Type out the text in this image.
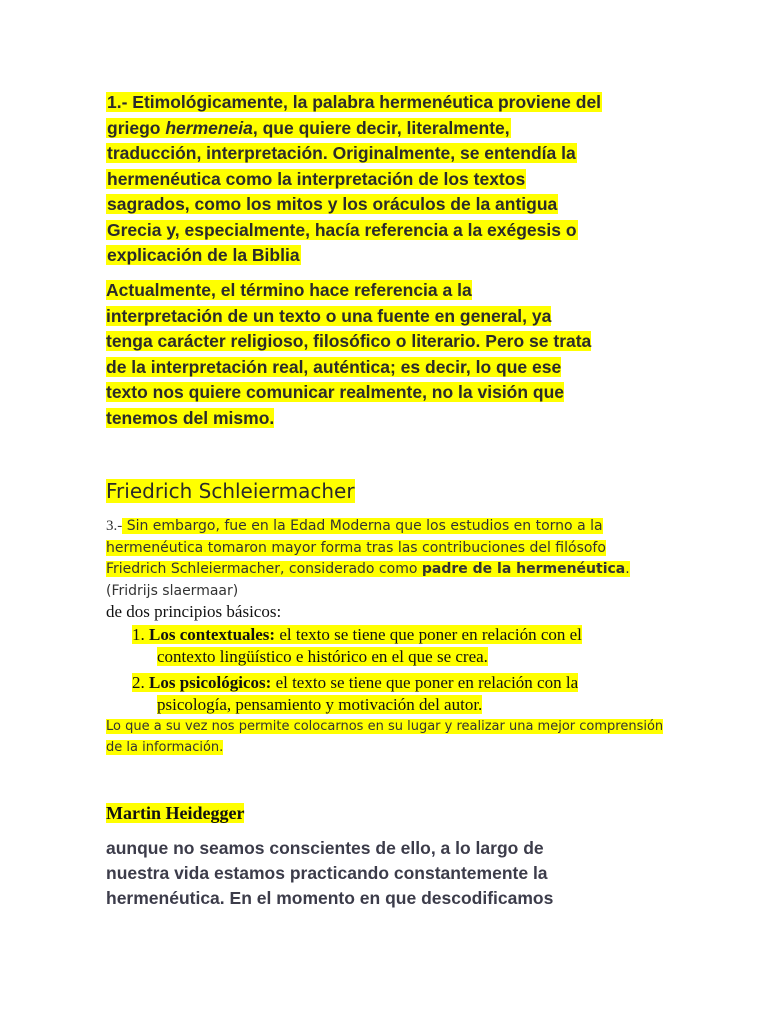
1.- Etimológicamente, la palabra hermenéutica proviene del
griego hermeneia, que quiere decir, literalmente,
traducción, interpretación. Originalmente, se entendía la
hermenéutica como la interpretación de los textos
sagrados, como los mitos y los oráculos de la antigua
Grecia y, especialmente, hacía referencia a la exégesis o
explicación de la Biblia
Actualmente, el término hace referencia a la
interpretación de un texto o una fuente en general, ya
tenga carácter religioso, filosófico o literario. Pero se trata
de la interpretación real, auténtica; es decir, lo que ese
texto nos quiere comunicar realmente, no la visión que
tenemos del mismo.
Friedrich Schleiermacher
3.- Sin embargo, fue en la Edad Moderna que los estudios en torno a la
hermenéutica tomaron mayor forma tras las contribuciones del filósofo
Friedrich Schleiermacher, considerado como padre de la hermenéutica.
(Fridrijs slaermaar)
de dos principios básicos:
1. Los contextuales: el texto se tiene que poner en relación con el
contexto lingüístico e histórico en el que se crea.
2. Los psicológicos: el texto se tiene que poner en relación con la
psicología, pensamiento y motivación del autor.
Lo que a su vez nos permite colocarnos en su lugar y realizar una mejor comprensión
de la información.
Martin Heidegger
aunque no seamos conscientes de ello, a lo largo de
nuestra vida estamos practicando constantemente la
hermenéutica. En el momento en que descodificamos
